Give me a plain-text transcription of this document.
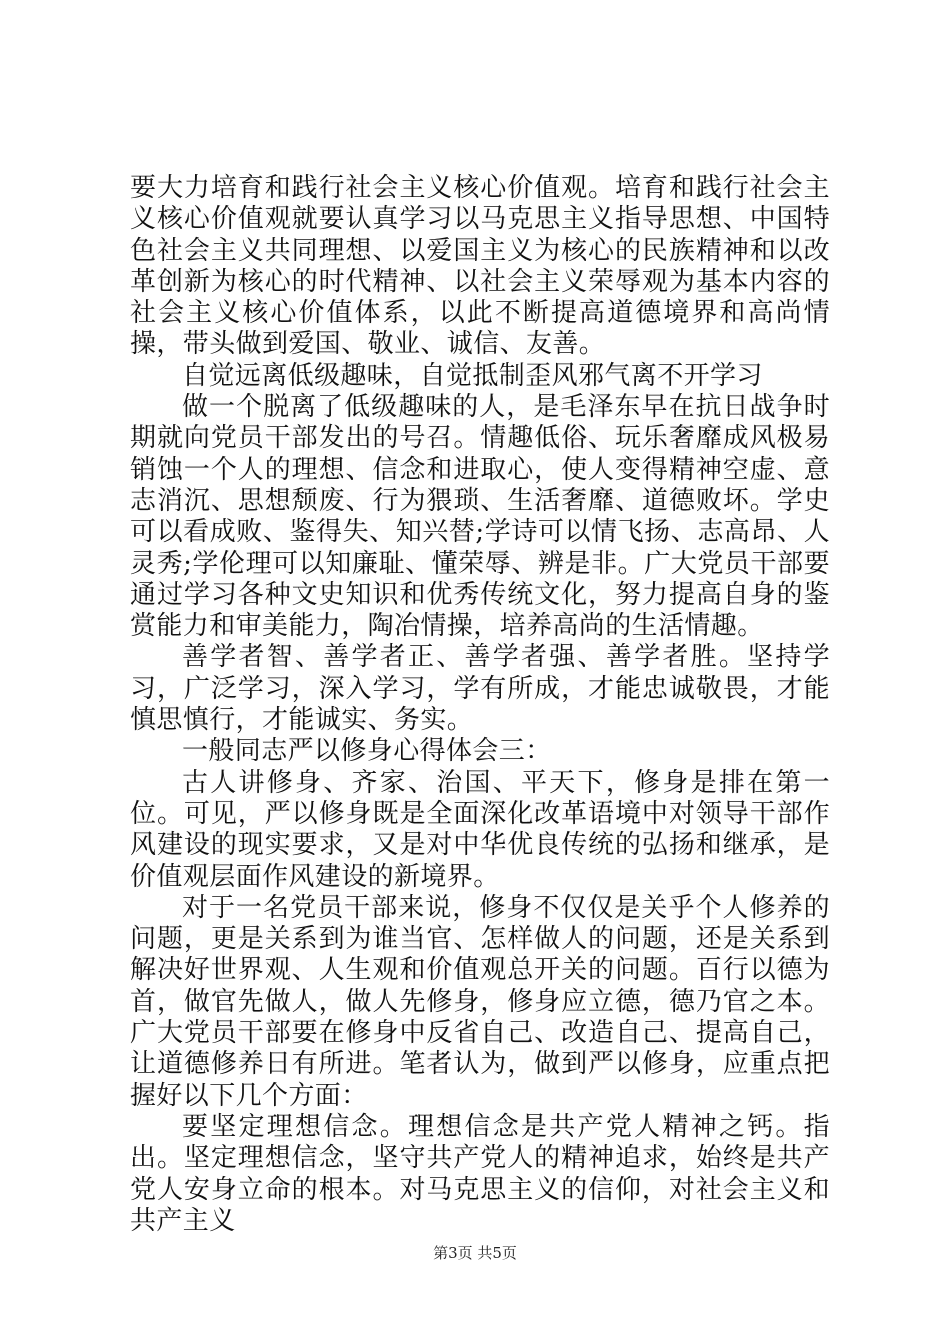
要大力培育和践行社会主义核心价值观。培育和践行社会主义核心价值观就要认真学习以马克思主义指导思想、中国特色社会主义共同理想、以爱国主义为核心的民族精神和以改革创新为核心的时代精神、以社会主义荣辱观为基本内容的社会主义核心价值体系，以此不断提高道德境界和高尚情操，带头做到爱国、敬业、诚信、友善。

自觉远离低级趣味，自觉抵制歪风邪气离不开学习

做一个脱离了低级趣味的人，是毛泽东早在抗日战争时期就向党员干部发出的号召。情趣低俗、玩乐奢靡成风极易销蚀一个人的理想、信念和进取心，使人变得精神空虚、意志消沉、思想颓废、行为猥琐、生活奢靡、道德败坏。学史可以看成败、鉴得失、知兴替;学诗可以情飞扬、志高昂、人灵秀;学伦理可以知廉耻、懂荣辱、辨是非。广大党员干部要通过学习各种文史知识和优秀传统文化，努力提高自身的鉴赏能力和审美能力，陶冶情操，培养高尚的生活情趣。

善学者智、善学者正、善学者强、善学者胜。坚持学习，广泛学习，深入学习，学有所成，才能忠诚敬畏，才能慎思慎行，才能诚实、务实。

一般同志严以修身心得体会三：

古人讲修身、齐家、治国、平天下，修身是排在第一位。可见，严以修身既是全面深化改革语境中对领导干部作风建设的现实要求，又是对中华优良传统的弘扬和继承，是价值观层面作风建设的新境界。

对于一名党员干部来说，修身不仅仅是关乎个人修养的问题，更是关系到为谁当官、怎样做人的问题，还是关系到解决好世界观、人生观和价值观总开关的问题。百行以德为首，做官先做人，做人先修身，修身应立德，德乃官之本。广大党员干部要在修身中反省自己、改造自己、提高自己，让道德修养日有所进。笔者认为，做到严以修身，应重点把握好以下几个方面：

要坚定理想信念。理想信念是共产党人精神之钙。指出。坚定理想信念，坚守共产党人的精神追求，始终是共产党人安身立命的根本。对马克思主义的信仰，对社会主义和共产主义

第3页 共5页
